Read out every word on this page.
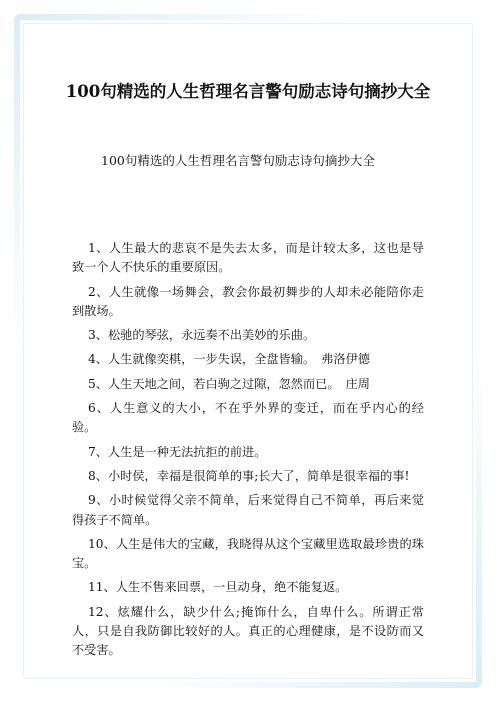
100句精选的人生哲理名言警句励志诗句摘抄大全

100句精选的人生哲理名言警句励志诗句摘抄大全

1、人生最大的悲哀不是失去太多，而是计较太多，这也是导致一个人不快乐的重要原因。

2、人生就像一场舞会，教会你最初舞步的人却未必能陪你走到散场。

3、松驰的琴弦，永远奏不出美妙的乐曲。

4、人生就像奕棋，一步失误，全盘皆输。　弗洛伊德

5、人生天地之间，若白驹之过隙，忽然而已。　庄周

6、人生意义的大小，不在乎外界的变迁，而在乎内心的经验。

7、人生是一种无法抗拒的前进。

8、小时侯，幸福是很简单的事;长大了，简单是很幸福的事!

9、小时候觉得父亲不简单，后来觉得自己不简单，再后来觉得孩子不简单。

10、人生是伟大的宝藏，我晓得从这个宝藏里选取最珍贵的珠宝。

11、人生不售来回票，一旦动身，绝不能复返。

12、炫耀什么，缺少什么;掩饰什么，自卑什么。所谓正常人，只是自我防御比较好的人。真正的心理健康，是不设防而又不受害。
